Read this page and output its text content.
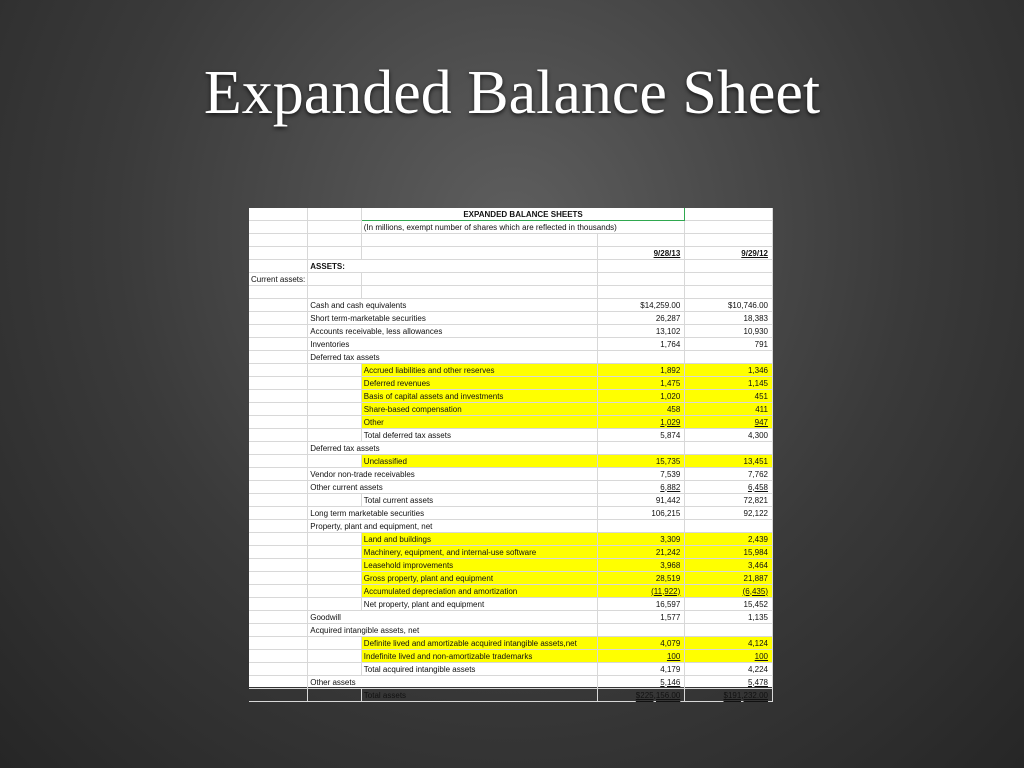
Expanded Balance Sheet
		EXPANDED BALANCE SHEETS		
		(In millions, exempt number of shares which are reflected in thousands)		

			9/28/13	9/29/12
	ASSETS:			
Current assets:				

	Cash and cash equivalents		$14,259.00	$10,746.00
	Short term-marketable securities		26,287	18,383
	Accounts receivable, less allowances		13,102	10,930
	Inventories		1,764	791
	Deferred tax assets			
		Accrued liabilities and other reserves	1,892	1,346
		Deferred revenues	1,475	1,145
		Basis of capital assets and investments	1,020	451
		Share-based compensation	458	411
		Other	1,029	947
		Total deferred tax assets	5,874	4,300
	Deferred tax assets			
		Unclassified	15,735	13,451
	Vendor non-trade receivables		7,539	7,762
	Other current assets		6,882	6,458
		Total current assets	91,442	72,821
	Long term marketable securities		106,215	92,122
	Property, plant and equipment, net			
		Land and buildings	3,309	2,439
		Machinery, equipment, and internal-use software	21,242	15,984
		Leasehold improvements	3,968	3,464
		Gross property, plant and equipment	28,519	21,887
		Accumulated depreciation and amortization	(11,922)	(6,435)
		Net property, plant and equipment	16,597	15,452
	Goodwill		1,577	1,135
	Acquired intangible assets, net			
		Definite lived and amortizable acquired intangible assets,net	4,079	4,124
		Indefinite lived and non-amortizable trademarks	100	100
		Total acquired intangible assets	4,179	4,224
	Other assets		5,146	5,478
		Total assets	$225,156.00	$191,232.00
